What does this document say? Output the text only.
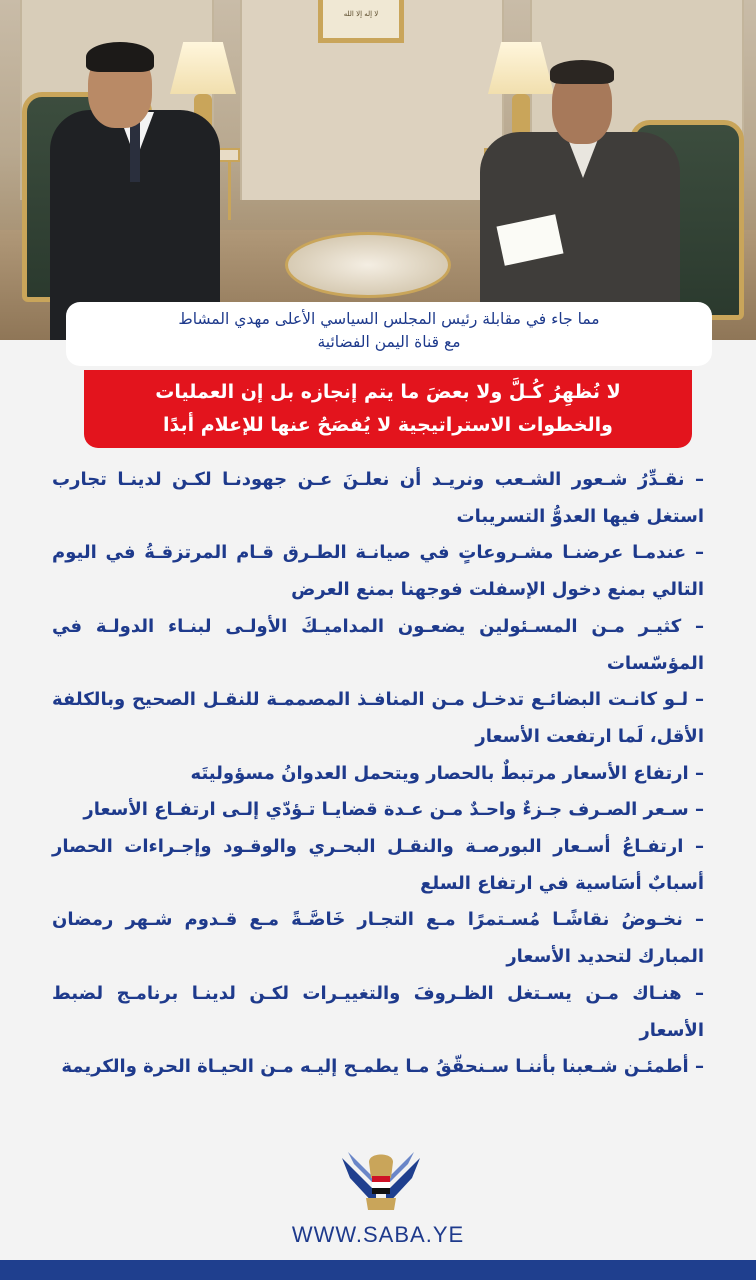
لا إله إلا الله
مما جاء في مقابلة رئيس المجلس السياسي الأعلى مهدي المشاط
مع قناة اليمن الفضائية
لا نُظهِرُ كُـلَّ ولا بعضَ ما يتم إنجازه بل إن العمليات
والخطوات الاستراتيجية لا يُفصَحُ عنها للإعلام أبدًا

– نقـدِّرُ شـعور الشـعب ونريـد أن نعلـنَ عـن جهودنـا لكـن لدينـا تجارب استغل فيها العدوُّ التسريبات

– عندمـا عرضنـا مشـروعاتٍ في صيانـة الطـرق قـام المرتزقـةُ في اليوم التالي بمنع دخول الإسفلت فوجهنا بمنع العرض

– كثيـر مـن المسـئولين يضعـون المداميـكَ الأولـى لبنـاء الدولـة في المؤسّسات

– لـو كانـت البضائـع تدخـل مـن المنافـذ المصممـة للنقـل الصحيح وبالكلفة الأقل، لَما ارتفعت الأسعار

– ارتفاع الأسعار مرتبطٌ بالحصار ويتحمل العدوانُ مسؤوليتَه

– سـعر الصـرف جـزءٌ واحـدٌ مـن عـدة قضايـا تـؤدّي إلـى ارتفـاع الأسعار

– ارتفـاعُ أسـعار البورصـة والنقـل البحـري والوقـود وإجـراءات الحصار أسبابٌ أسَاسية في ارتفاع السلع

– نخـوضُ نقاشًـا مُسـتمرًا مـع التجـار خَاصَّـةً مـع قـدوم شـهر رمضان المبارك لتحديد الأسعار

– هنـاك مـن يسـتغل الظـروفَ والتغييـرات لكـن لدينـا برنامـج لضبط الأسعار

– أطمئـن شـعبنا بأننـا سـنحقّقُ مـا يطمـح إليـه مـن الحيـاة الحرة والكريمة

WWW.SABA.YE
